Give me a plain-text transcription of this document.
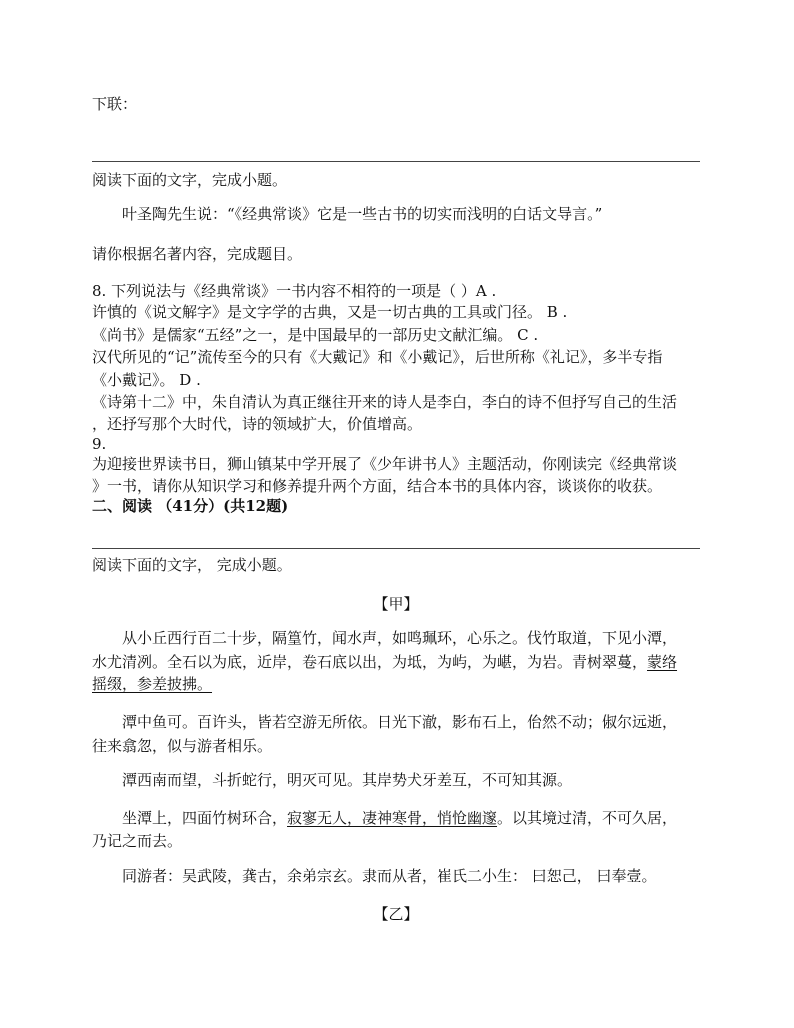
下联：
阅读下面的文字，完成小题。
叶圣陶先生说：“《经典常谈》它是一些古书的切实而浅明的白话文导言。”
请你根据名著内容，完成题目。
8. 下列说法与《经典常谈》一书内容不相符的一项是（ ）A .
许慎的《说文解字》是文字学的古典，又是一切古典的工具或门径。 B .
《尚书》是儒家“五经”之一，是中国最早的一部历史文献汇编。 C .
汉代所见的“记”流传至今的只有《大戴记》和《小戴记》，后世所称《礼记》，多半专指
《小戴记》。 D .
《诗第十二》中，朱自清认为真正继往开来的诗人是李白，李白的诗不但抒写自己的生活
，还抒写那个大时代，诗的领域扩大，价值增高。
9.
为迎接世界读书日，狮山镇某中学开展了《少年讲书人》主题活动，你刚读完《经典常谈
》一书，请你从知识学习和修养提升两个方面，结合本书的具体内容，谈谈你的收获。
二、阅读 （41分）(共12题)
阅读下面的文字， 完成小题。
【甲】
从小丘西行百二十步，隔篁竹，闻水声，如鸣珮环，心乐之。伐竹取道，下见小潭，
水尤清冽。全石以为底，近岸，卷石底以出，为坻，为屿，为嵁，为岩。青树翠蔓，蒙络
摇缀，参差披拂。
潭中鱼可。百许头，皆若空游无所依。日光下澈，影布石上，佁然不动；俶尔远逝，
往来翕忽，似与游者相乐。
潭西南而望，斗折蛇行，明灭可见。其岸势犬牙差互，不可知其源。
坐潭上，四面竹树环合，寂寥无人，凄神寒骨，悄怆幽邃。以其境过清，不可久居，
乃记之而去。
同游者：吴武陵，龚古，余弟宗玄。隶而从者，崔氏二小生： 曰恕己， 曰奉壹。
【乙】
